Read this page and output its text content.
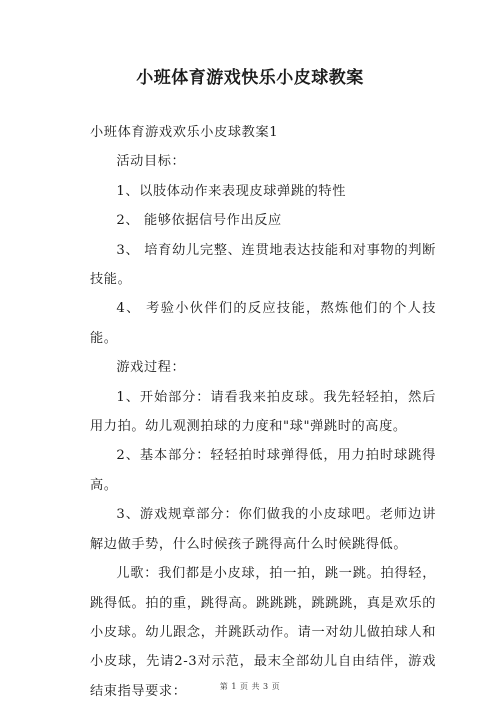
小班体育游戏快乐小皮球教案

小班体育游戏欢乐小皮球教案1

活动目标：

1、以肢体动作来表现皮球弹跳的特性

2、 能够依据信号作出反应

3、 培育幼儿完整、连贯地表达技能和对事物的判断技能。

4、 考验小伙伴们的反应技能，熬炼他们的个人技能。

游戏过程：

1、开始部分：请看我来拍皮球。我先轻轻拍，然后用力拍。幼儿观测拍球的力度和"球"弹跳时的高度。

2、基本部分：轻轻拍时球弹得低，用力拍时球跳得高。

3、游戏规章部分：你们做我的小皮球吧。老师边讲解边做手势，什么时候孩子跳得高什么时候跳得低。

儿歌：我们都是小皮球，拍一拍，跳一跳。拍得轻，跳得低。拍的重，跳得高。跳跳跳，跳跳跳，真是欢乐的小皮球。幼儿跟念，并跳跃动作。请一对幼儿做拍球人和小皮球，先请2-3对示范，最末全部幼儿自由结伴，游戏结束指导要求：	第 1 页 共 3 页
